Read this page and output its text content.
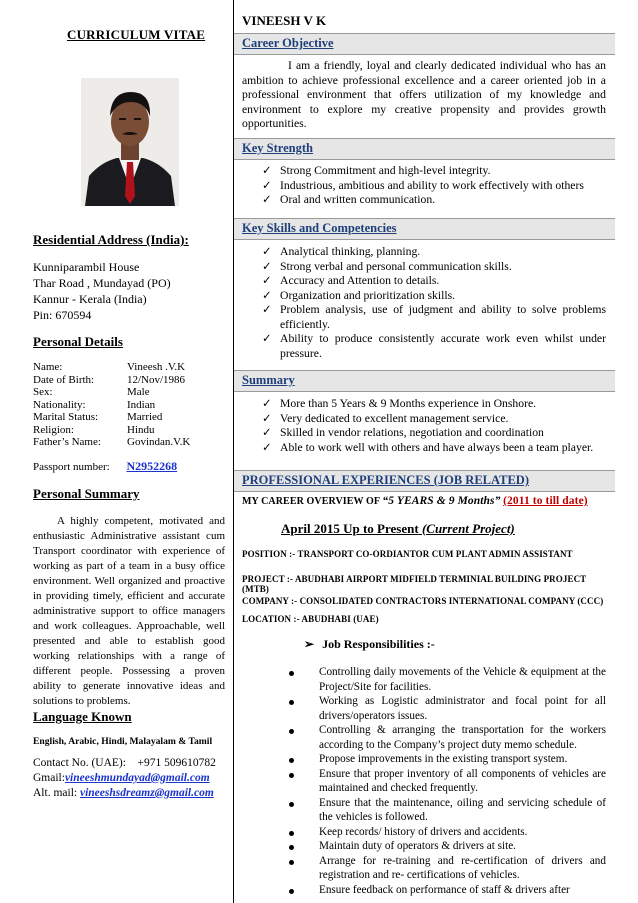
CURRICULUM VITAE
Residential Address (India):
Kunniparambil House
Thar Road , Mundayad (PO)
Kannur - Kerala (India)
Pin: 670594
Personal Details
Name:	Vineesh .V.K
Date of Birth:	12/Nov/1986
Sex:	Male
Nationality:	Indian
Marital Status:	Married
Religion:	Hindu
Father’s Name:	Govindan.V.K
Passport number: N2952268
Personal Summary
A highly competent, motivated and enthusiastic Administrative assistant cum Transport coordinator with experience of working as part of a team in a busy office environment. Well organized and proactive in providing timely, efficient and accurate administrative support to office managers and work colleagues. Approachable, well presented and able to establish good working relationships with a range of different people. Possessing a proven ability to generate innovative ideas and solutions to problems.
Language Known
English, Arabic, Hindi, Malayalam & Tamil
Contact No. (UAE): +971 509610782
Gmail:vineeshmundayad@gmail.com
Alt. mail: vineeshsdreamz@gmail.com
VINEESH V K
Career Objective
I am a friendly, loyal and clearly dedicated individual who has an ambition to achieve professional excellence and a career oriented job in a professional environment that offers utilization of my knowledge and environment to explore my creative propensity and provides growth opportunities.
Key Strength
✓ Strong Commitment and high-level integrity.
✓ Industrious, ambitious and ability to work effectively with others
✓ Oral and written communication.
Key Skills and Competencies
✓ Analytical thinking, planning.
✓ Strong verbal and personal communication skills.
✓ Accuracy and Attention to details.
✓ Organization and prioritization skills.
✓ Problem analysis, use of judgment and ability to solve problems efficiently.
✓ Ability to produce consistently accurate work even whilst under pressure.
Summary
✓ More than 5 Years & 9 Months experience in Onshore.
✓ Very dedicated to excellent management service.
✓ Skilled in vendor relations, negotiation and coordination
✓ Able to work well with others and have always been a team player.
PROFESSIONAL EXPERIENCES (JOB RELATED)
MY CAREER OVERVIEW OF “5 YEARS & 9 Months” (2011 to till date)
April 2015 Up to Present (Current Project)
POSITION :- TRANSPORT CO-ORDIANTOR CUM PLANT ADMIN ASSISTANT
PROJECT :- ABUDHABI AIRPORT MIDFIELD TERMINIAL BUILDING PROJECT (MTB)
COMPANY :- CONSOLIDATED CONTRACTORS INTERNATIONAL COMPANY (CCC)
LOCATION :- ABUDHABI (UAE)
➢ Job Responsibilities :-
Controlling daily movements of the Vehicle & equipment at the Project/Site for facilities.
Working as Logistic administrator and focal point for all drivers/operators issues.
Controlling & arranging the transportation for the workers according to the Company’s project duty memo schedule.
Propose improvements in the existing transport system.
Ensure that proper inventory of all components of vehicles are maintained and checked frequently.
Ensure that the maintenance, oiling and servicing schedule of the vehicles is followed.
Keep records/ history of drivers and accidents.
Maintain duty of operators & drivers at site.
Arrange for re-training and re-certification of drivers and registration and re- certifications of vehicles.
Ensure feedback on performance of staff & drivers after
